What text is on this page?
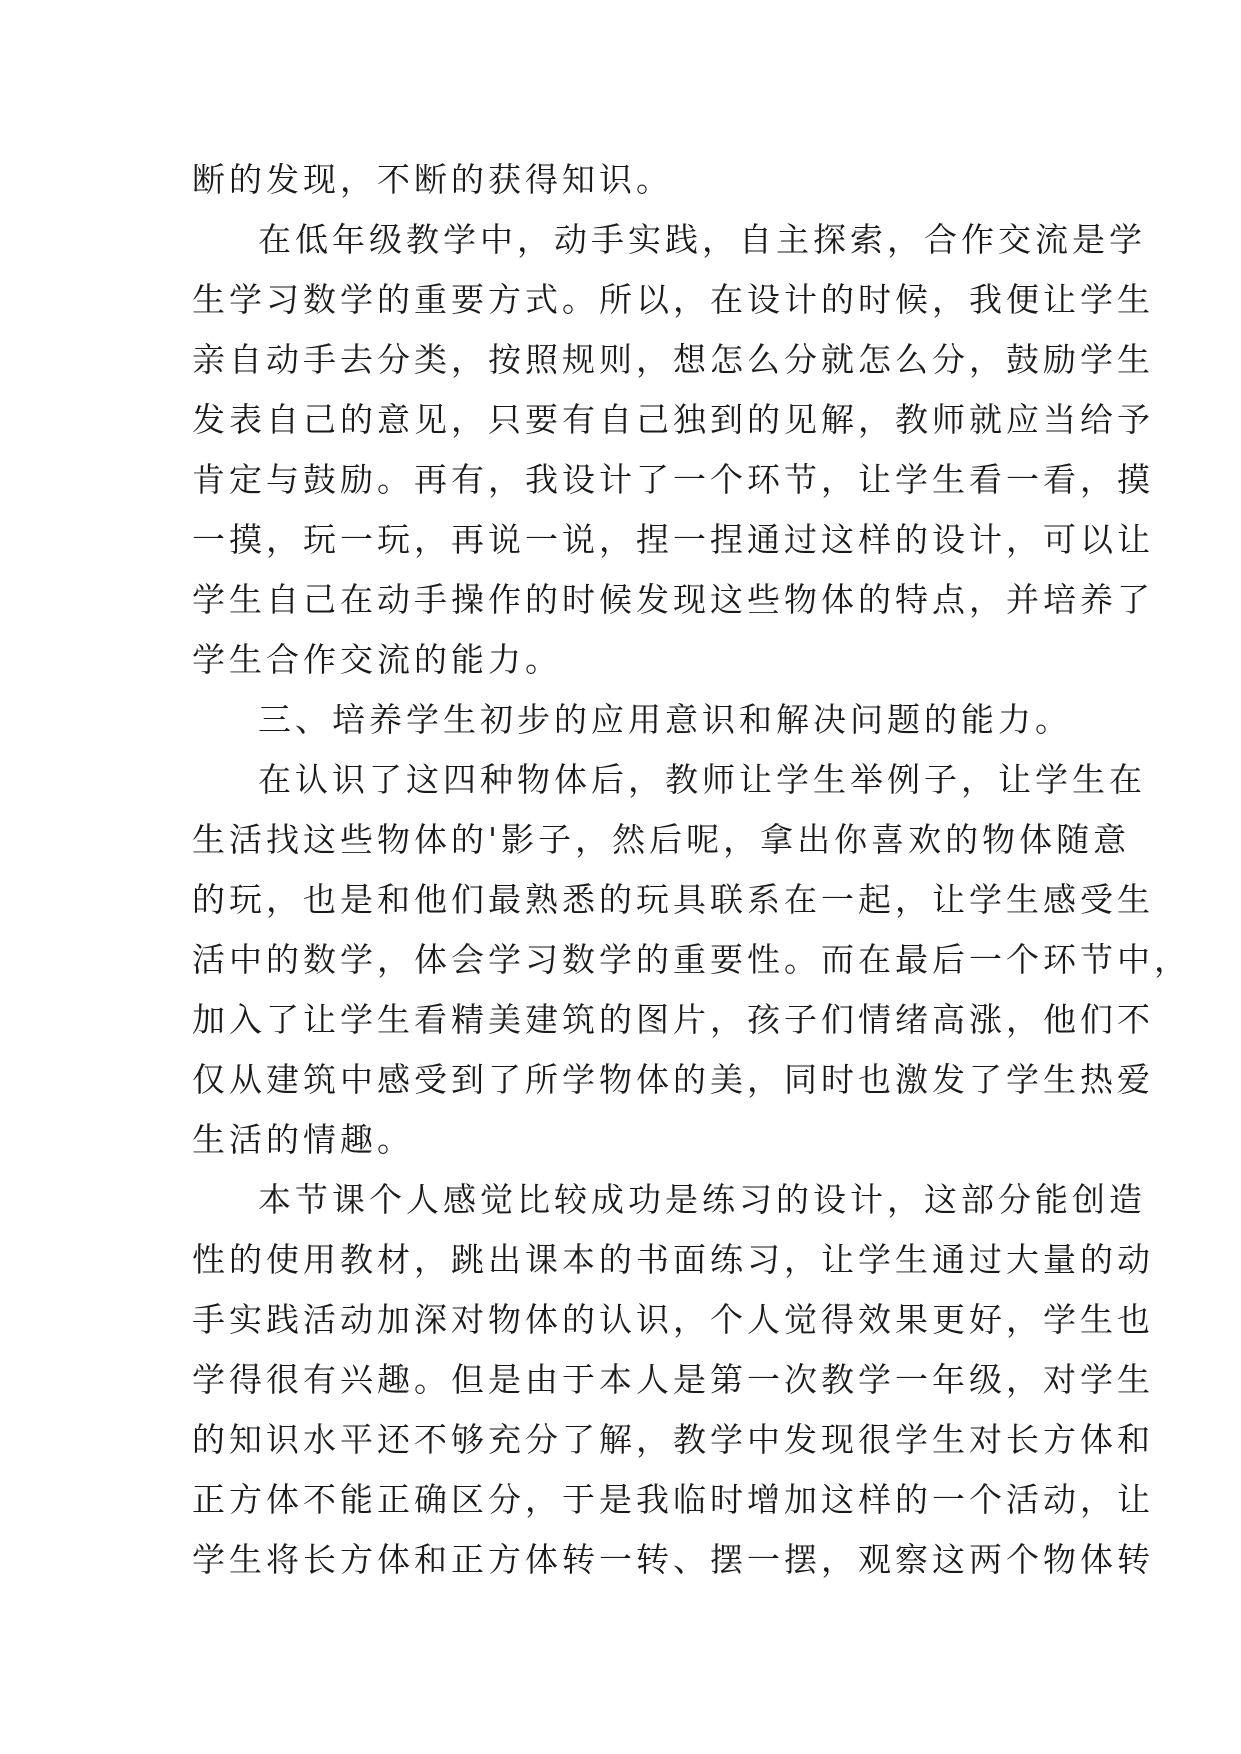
断的发现，不断的获得知识。
在低年级教学中，动手实践，自主探索，合作交流是学
生学习数学的重要方式。所以，在设计的时候，我便让学生
亲自动手去分类，按照规则，想怎么分就怎么分，鼓励学生
发表自己的意见，只要有自己独到的见解，教师就应当给予
肯定与鼓励。再有，我设计了一个环节，让学生看一看，摸
一摸，玩一玩，再说一说，捏一捏通过这样的设计，可以让
学生自己在动手操作的时候发现这些物体的特点，并培养了
学生合作交流的能力。
三、培养学生初步的应用意识和解决问题的能力。
在认识了这四种物体后，教师让学生举例子，让学生在
生活找这些物体的'影子，然后呢，拿出你喜欢的物体随意
的玩，也是和他们最熟悉的玩具联系在一起，让学生感受生
活中的数学，体会学习数学的重要性。而在最后一个环节中，
加入了让学生看精美建筑的图片，孩子们情绪高涨，他们不
仅从建筑中感受到了所学物体的美，同时也激发了学生热爱
生活的情趣。
本节课个人感觉比较成功是练习的设计，这部分能创造
性的使用教材，跳出课本的书面练习，让学生通过大量的动
手实践活动加深对物体的认识，个人觉得效果更好，学生也
学得很有兴趣。但是由于本人是第一次教学一年级，对学生
的知识水平还不够充分了解，教学中发现很学生对长方体和
正方体不能正确区分，于是我临时增加这样的一个活动，让
学生将长方体和正方体转一转、摆一摆，观察这两个物体转
